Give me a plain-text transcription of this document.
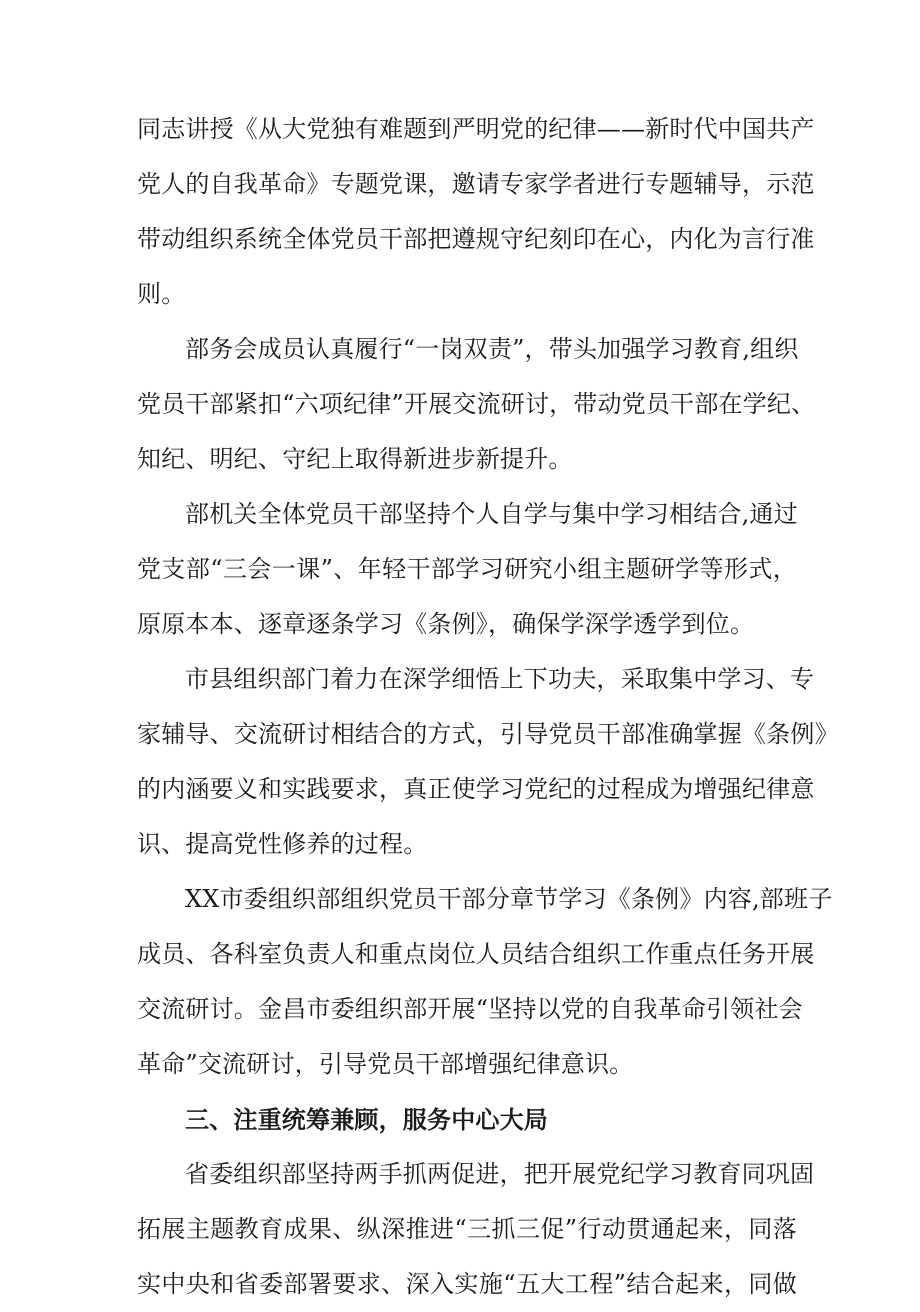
同志讲授《从大党独有难题到严明党的纪律——新时代中国共产
党人的自我革命》专题党课，邀请专家学者进行专题辅导，示范
带动组织系统全体党员干部把遵规守纪刻印在心，内化为言行准
则。
部务会成员认真履行“一岗双责”，带头加强学习教育,组织
党员干部紧扣“六项纪律”开展交流研讨，带动党员干部在学纪、
知纪、明纪、守纪上取得新进步新提升。
部机关全体党员干部坚持个人自学与集中学习相结合,通过
党支部“三会一课”、年轻干部学习研究小组主题研学等形式，
原原本本、逐章逐条学习《条例》，确保学深学透学到位。
市县组织部门着力在深学细悟上下功夫，采取集中学习、专
家辅导、交流研讨相结合的方式，引导党员干部准确掌握《条例》
的内涵要义和实践要求，真正使学习党纪的过程成为增强纪律意
识、提高党性修养的过程。
XX市委组织部组织党员干部分章节学习《条例》内容,部班子
成员、各科室负责人和重点岗位人员结合组织工作重点任务开展
交流研讨。金昌市委组织部开展“坚持以党的自我革命引领社会
革命”交流研讨，引导党员干部增强纪律意识。
三、注重统筹兼顾，服务中心大局
省委组织部坚持两手抓两促进，把开展党纪学习教育同巩固
拓展主题教育成果、纵深推进“三抓三促”行动贯通起来，同落
实中央和省委部署要求、深入实施“五大工程”结合起来，同做
